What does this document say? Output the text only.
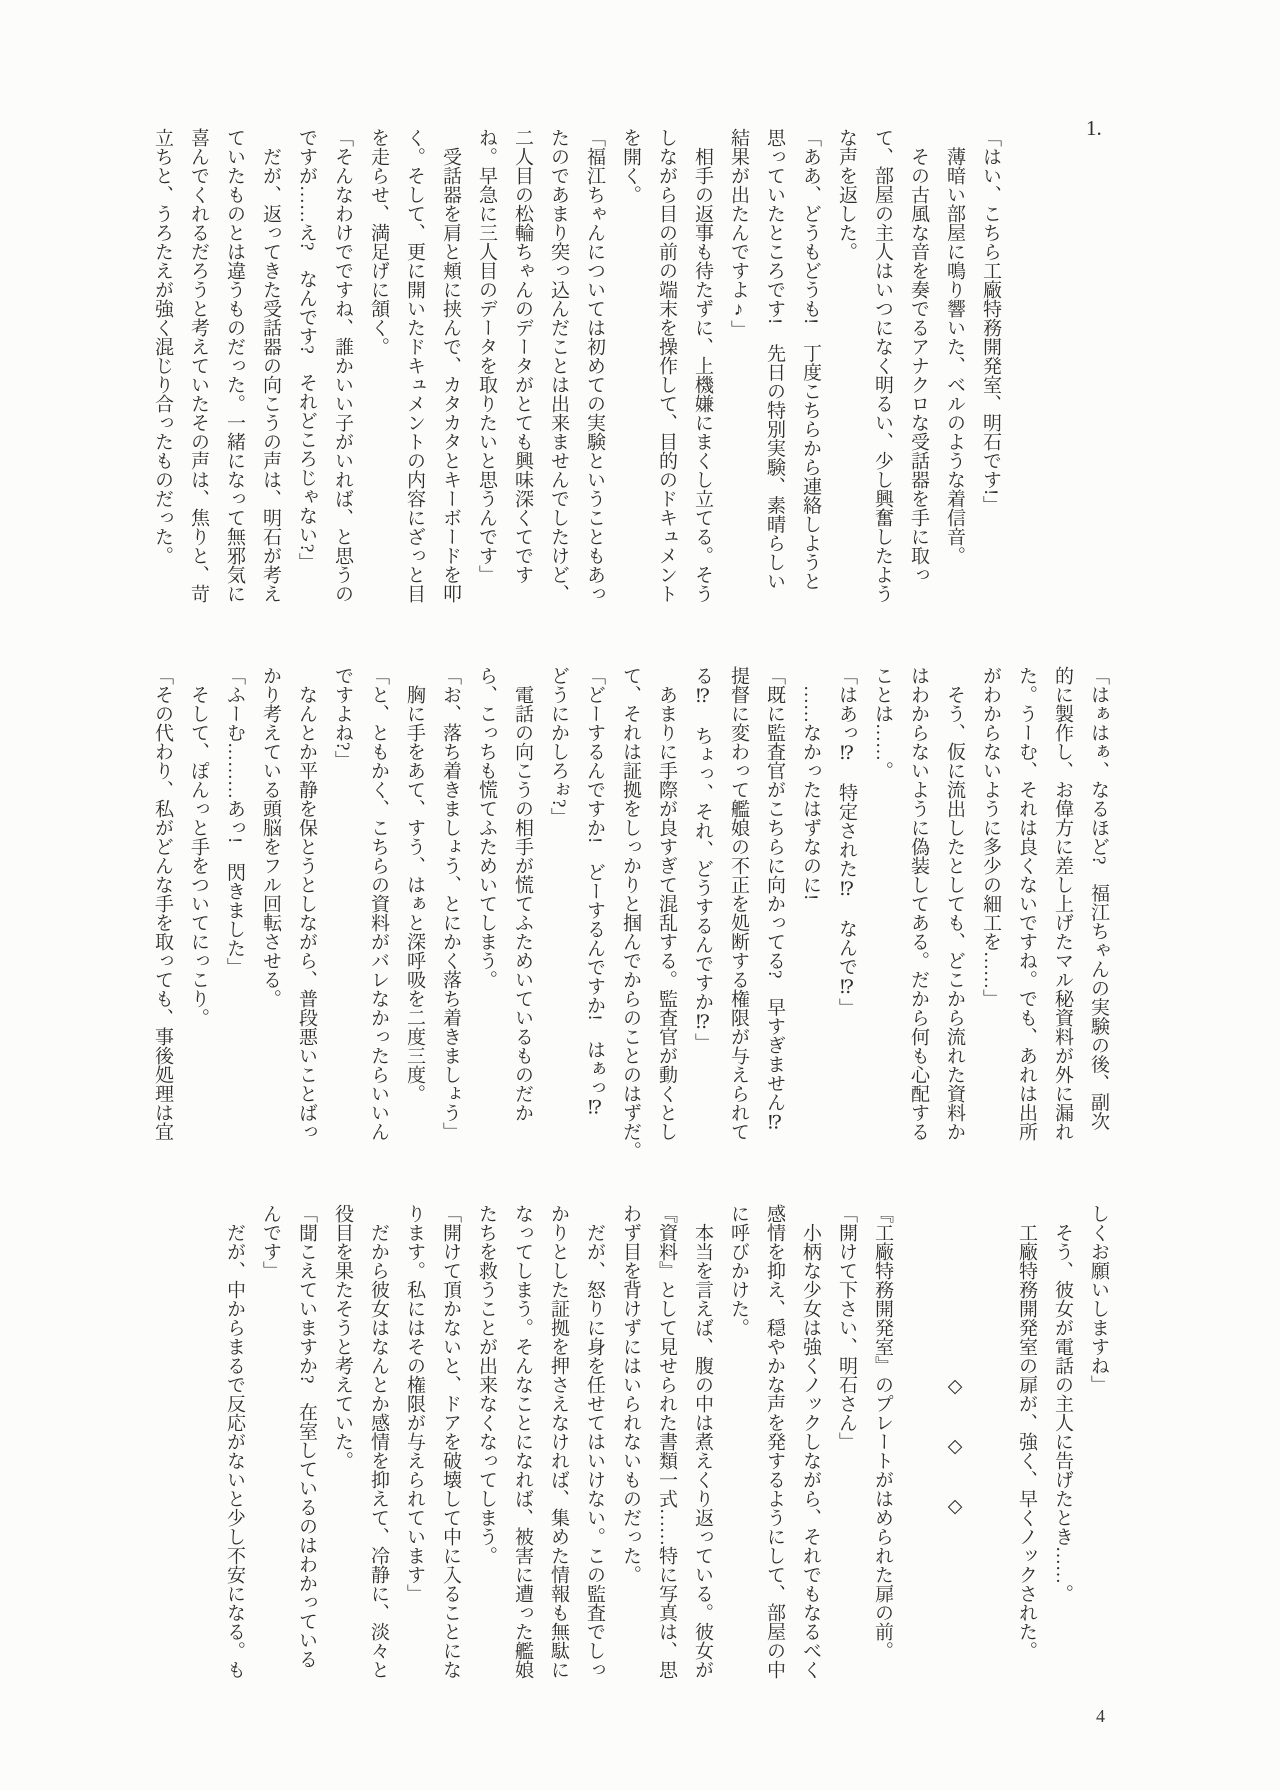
1.

「はい、こちら工廠特務開発室、明石です!」

　薄暗い部屋に鳴り響いた、ベルのような着信音。

　その古風な音を奏でるアナクロな受話器を手に取っ

て、部屋の主人はいつになく明るい、少し興奮したよう

な声を返した。

「ああ、どうもどうも!　丁度こちらから連絡しようと

思っていたところです!　先日の特別実験、素晴らしい

結果が出たんですよ♪」

　相手の返事も待たずに、上機嫌にまくし立てる。そう

しながら目の前の端末を操作して、目的のドキュメント

を開く。

「福江ちゃんについては初めての実験ということもあっ

たのであまり突っ込んだことは出来ませんでしたけど、

二人目の松輪ちゃんのデータがとても興味深くてです

ね。早急に三人目のデータを取りたいと思うんです」

　受話器を肩と頬に挟んで、カタカタとキーボードを叩

く。そして、更に開いたドキュメントの内容にざっと目

を走らせ、満足げに頷く。

「そんなわけでですね、誰かいい子がいれば、と思うの

ですが……え?　なんです?　それどころじゃない?」

　だが、返ってきた受話器の向こうの声は、明石が考え

ていたものとは違うものだった。一緒になって無邪気に

喜んでくれるだろうと考えていたその声は、焦りと、苛

立ちと、うろたえが強く混じり合ったものだった。

「はぁはぁ、なるほど?　福江ちゃんの実験の後、副次

的に製作し、お偉方に差し上げたマル秘資料が外に漏れ

た。うーむ、それは良くないですね。でも、あれは出所

がわからないように多少の細工を……」

　そう、仮に流出したとしても、どこから流れた資料か

はわからないように偽装してある。だから何も心配する

ことは……。

「はあっ⁉　特定された⁉　なんで⁉」

　……なかったはずなのに!

「既に監査官がこちらに向かってる?　早すぎません⁉

提督に変わって艦娘の不正を処断する権限が与えられて

る⁉　ちょっ、それ、どうするんですか⁉」

　あまりに手際が良すぎて混乱する。監査官が動くとし

て、それは証拠をしっかりと掴んでからのことのはずだ。

「どーするんですか!　どーするんですか!　はぁっ⁉

どうにかしろぉ?」

　電話の向こうの相手が慌てふためいているものだか

ら、こっちも慌てふためいてしまう。

「お、落ち着きましょう、とにかく落ち着きましょう」

　胸に手をあて、すう、はぁと深呼吸を二度三度。

「と、ともかく、こちらの資料がバレなかったらいいん

ですよね?」

　なんとか平静を保とうとしながら、普段悪いことばっ

かり考えている頭脳をフル回転させる。

「ふーむ………あっ!　閃きました」

　そして、ぽんっと手をついてにっこり。

「その代わり、私がどんな手を取っても、事後処理は宜

しくお願いしますね」

　そう、彼女が電話の主人に告げたとき……。

　工廠特務開発室の扉が、強く、早くノックされた。

　　　　　　　　　◇　　◇　　◇

『工廠特務開発室』のプレートがはめられた扉の前。

「開けて下さい、明石さん」

　小柄な少女は強くノックしながら、それでもなるべく

感情を抑え、穏やかな声を発するようにして、部屋の中

に呼びかけた。

　本当を言えば、腹の中は煮えくり返っている。彼女が

『資料』として見せられた書類一式……特に写真は、思

わず目を背けずにはいられないものだった。

　だが、怒りに身を任せてはいけない。この監査でしっ

かりとした証拠を押さえなければ、集めた情報も無駄に

なってしまう。そんなことになれば、被害に遭った艦娘

たちを救うことが出来なくなってしまう。

「開けて頂かないと、ドアを破壊して中に入ることにな

ります。私にはその権限が与えられています」

　だから彼女はなんとか感情を抑えて、冷静に、淡々と

役目を果たそうと考えていた。

「聞こえていますか?　在室しているのはわかっている

んです」

　だが、中からまるで反応がないと少し不安になる。も

4
